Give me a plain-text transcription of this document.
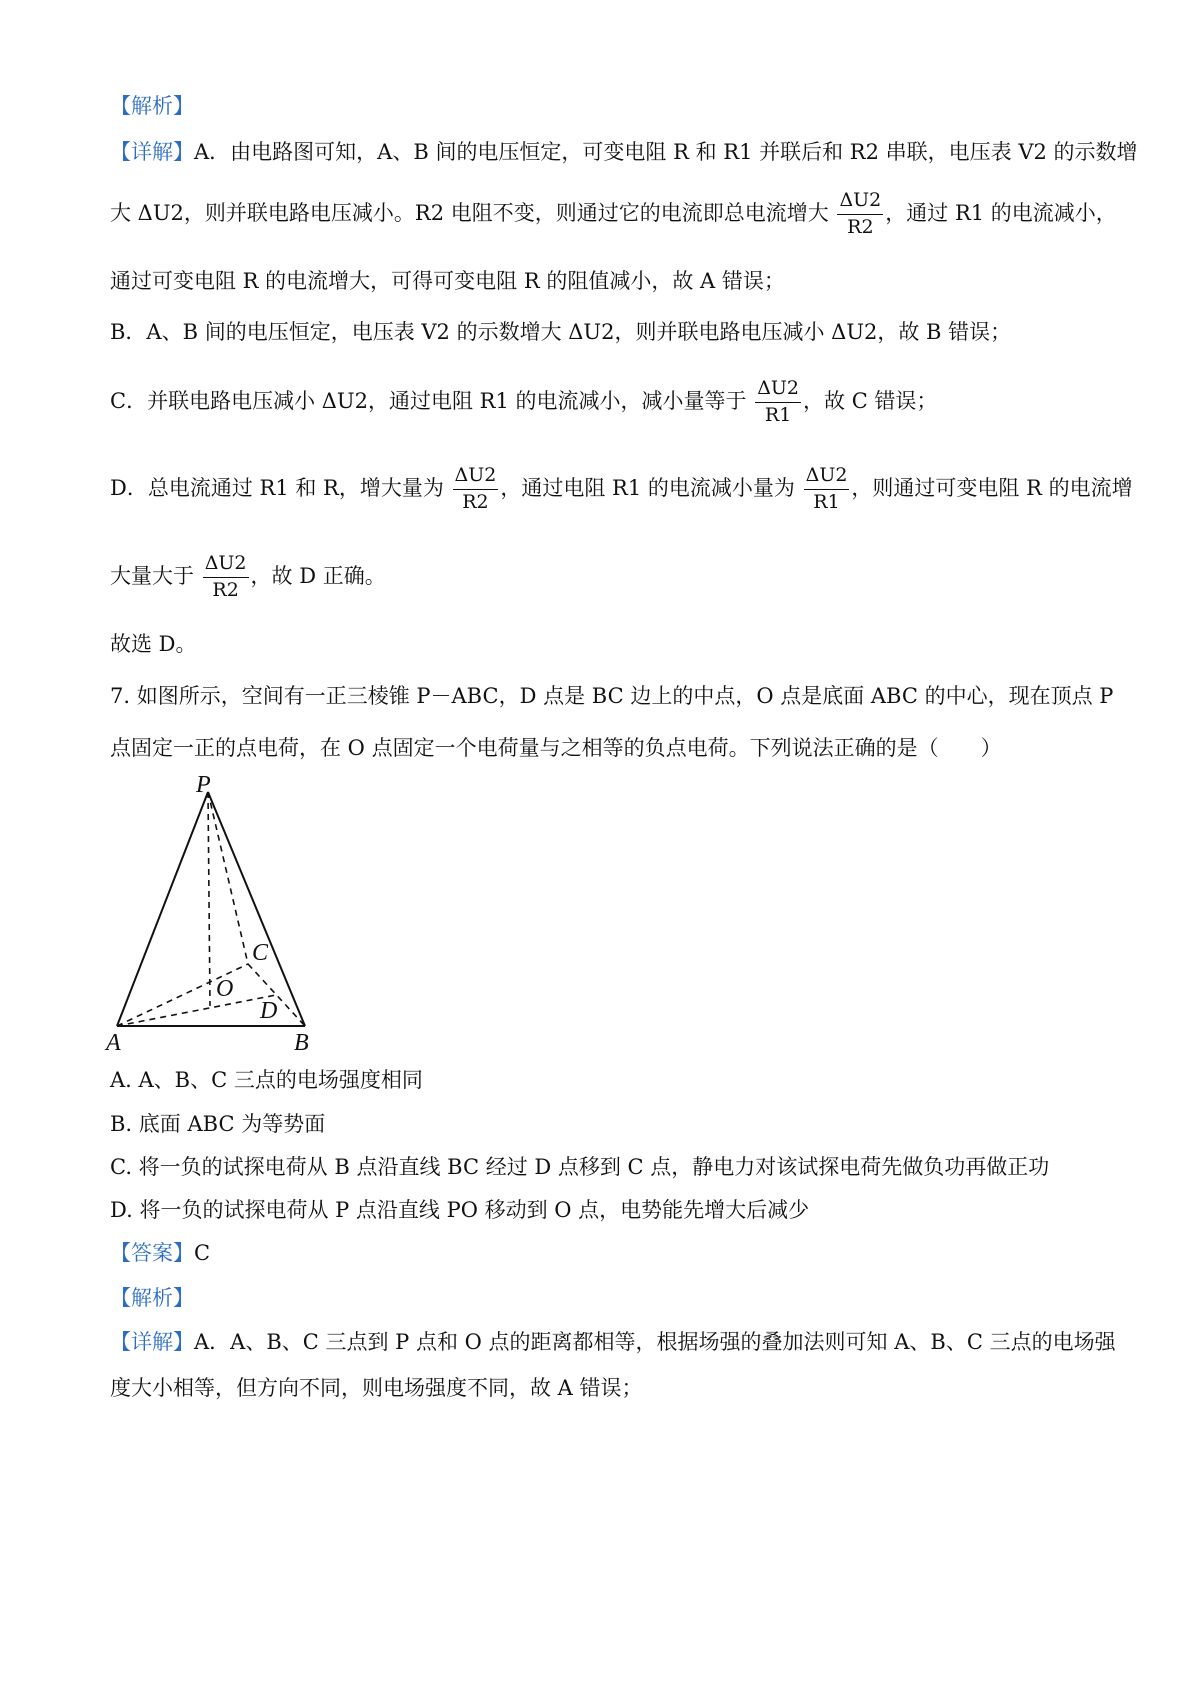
【解析】
【详解】A．由电路图可知，A、B 间的电压恒定，可变电阻 R 和 R1 并联后和 R2 串联，电压表 V2 的示数增
大 ΔU2，则并联电路电压减小。R2 电阻不变，则通过它的电流即总电流增大 $\frac{\Delta U2}{R2}$ ，通过 R1 的电流减小，
通过可变电阻 R 的电流增大，可得可变电阻 R 的阻值减小，故 A 错误；
B．A、B 间的电压恒定，电压表 V2 的示数增大 ΔU2，则并联电路电压减小 ΔU2，故 B 错误；
C．并联电路电压减小 ΔU2，通过电阻 R1 的电流减小，减小量等于 $\frac{\Delta U2}{R1}$ ，故 C 错误；
D．总电流通过 R1 和 R，增大量为 $\frac{\Delta U2}{R2}$ ，通过电阻 R1 的电流减小量为 $\frac{\Delta U2}{R1}$ ，则通过可变电阻 R 的电流增
大量大于 $\frac{\Delta U2}{R2}$ ，故 D 正确。
故选 D。
7. 如图所示，空间有一正三棱锥 P－ABC，D 点是 BC 边上的中点，O 点是底面 ABC 的中心，现在顶点 P
点固定一正的点电荷，在 O 点固定一个电荷量与之相等的负点电荷。下列说法正确的是（　　）
P
C
O
D
A	B
A. A、B、C 三点的电场强度相同
B. 底面 ABC 为等势面
C. 将一负的试探电荷从 B 点沿直线 BC 经过 D 点移到 C 点，静电力对该试探电荷先做负功再做正功
D. 将一负的试探电荷从 P 点沿直线 PO 移动到 O 点，电势能先增大后减少
【答案】C
【解析】
【详解】A．A、B、C 三点到 P 点和 O 点的距离都相等，根据场强的叠加法则可知 A、B、C 三点的电场强
度大小相等，但方向不同，则电场强度不同，故 A 错误；
